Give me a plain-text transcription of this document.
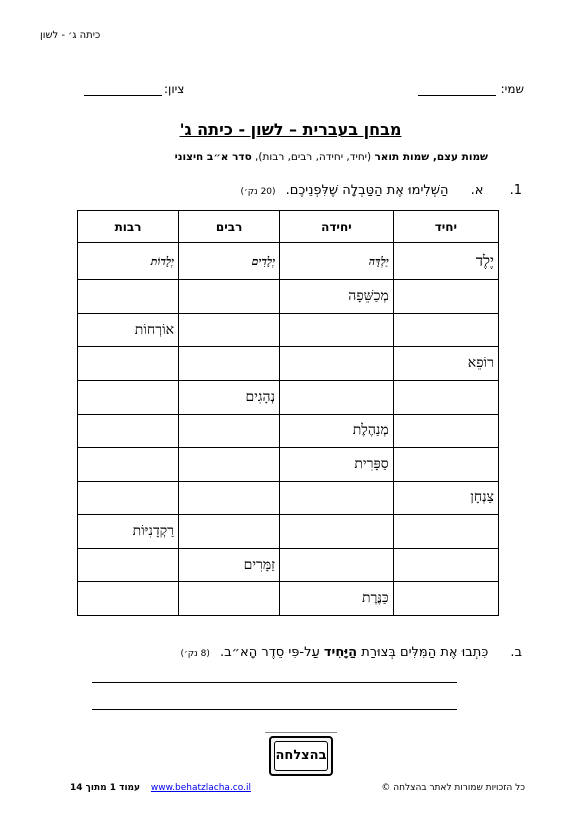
כיתה ג׳ - לשון
שמי:
ציון:
מבחן בעברית – לשון - כיתה ג'
שמות עצם, שמות תואר (יחיד, יחידה, רבים, רבות), סדר א״ב חיצוני
1. א. הַשְׁלִימוּ אֶת הַטַּבְלָה שֶׁלִּפְנֵיכֶם. (20 נק׳)
יחיד	יחידה	רבים	רבות
יֶלֶד	יַלְדָּה	יְלָדִים	יְלָדוֹת
	מְכַשֵּׁפָה		
			אוֹרְחוֹת
רוֹפֵא			
		נְהָגִים	
	מְנַהֶלֶת		
	סַפָּרִית		
צַנְחָן			
			רַקְדָנִיּוֹת
		זַמָּרִים	
	כַּנֶּרֶת		
ב. כִּתְבוּ אֶת הַמִּלִּים בְּצוּרַת הַיָּחִיד עַל-פִּי סֵדֶר הָא״ב. (8 נק׳)
בהצלחה
עמוד 1 מתוך 14 www.behatzlacha.co.il	כל הזכויות שמורות לאתר בהצלחה ©
